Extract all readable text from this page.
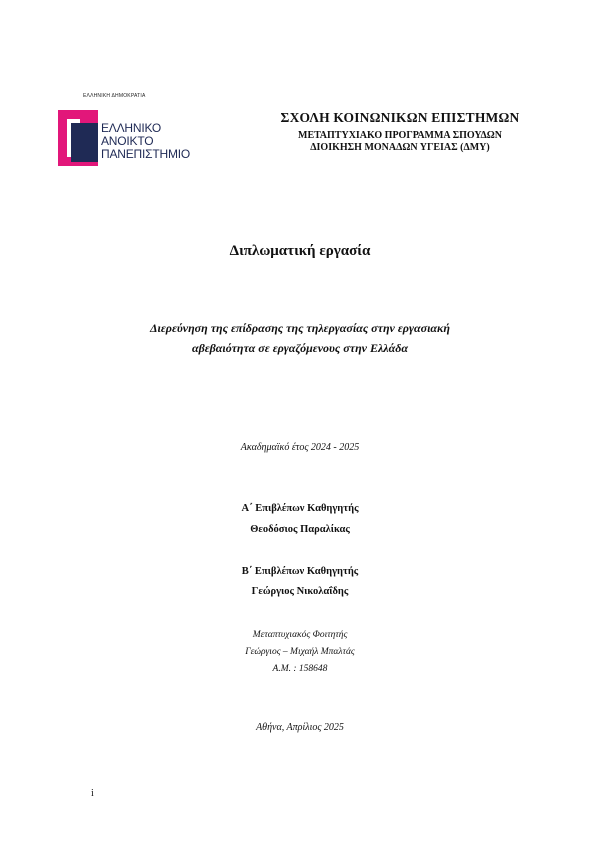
ΕΛΛΗΝΙΚΗ ΔΗΜΟΚΡΑΤΙΑ
ΕΛΛΗΝΙΚΟ
ΑΝΟΙΚΤΟ
ΠΑΝΕΠΙΣΤΗΜΙΟ
ΣΧΟΛΗ ΚΟΙΝΩΝΙΚΩΝ ΕΠΙΣΤΗΜΩΝ
ΜΕΤΑΠΤΥΧΙΑΚΟ ΠΡΟΓΡΑΜΜΑ ΣΠΟΥΔΩΝ
ΔΙΟΙΚΗΣΗ ΜΟΝΑΔΩΝ ΥΓΕΙΑΣ (ΔΜΥ)
Διπλωματική εργασία
Διερεύνηση της επίδρασης της τηλεργασίας στην εργασιακή
αβεβαιότητα σε εργαζόμενους στην Ελλάδα
Ακαδημαϊκό έτος 2024 - 2025
Α΄ Επιβλέπων Καθηγητής
Θεοδόσιος Παραλίκας
Β΄ Επιβλέπων Καθηγητής
Γεώργιος Νικολαΐδης
Μεταπτυχιακός Φοιτητής
Γεώργιος – Μιχαήλ Μπαλτάς
Α.Μ. : 158648
Αθήνα, Απρίλιος 2025
i
